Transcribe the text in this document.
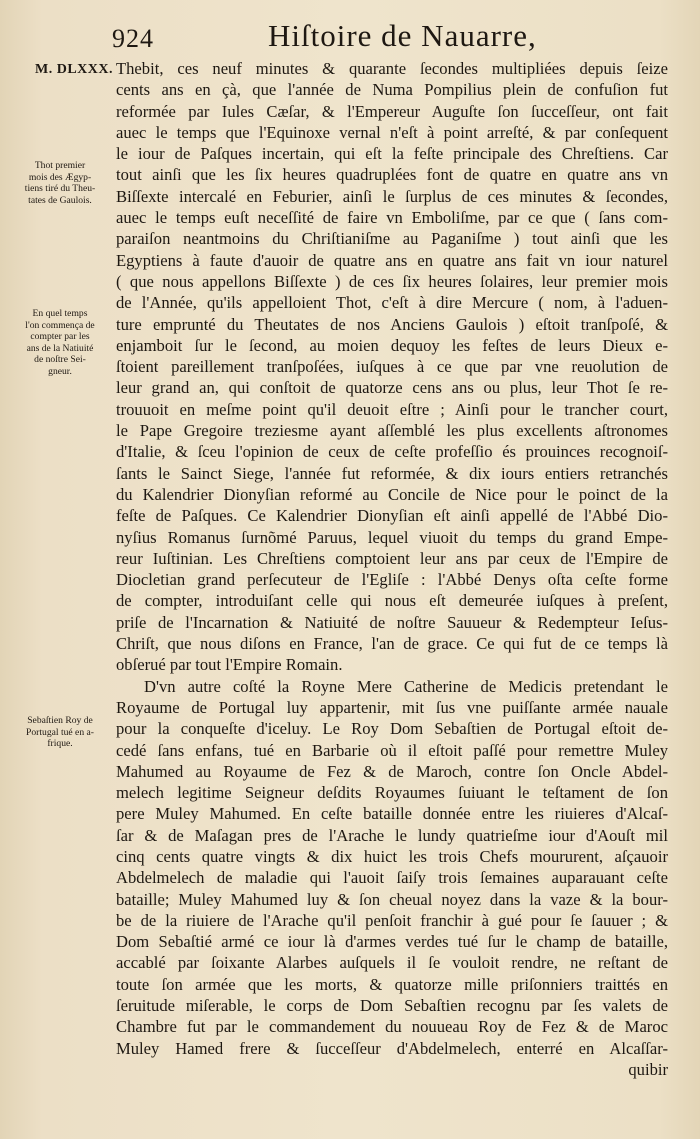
924	Hiſtoire de Nauarre,
M. DLXXX.
Thot premier
mois des Ægyp-
tiens tiré du Theu-
tates de Gaulois.
En quel temps
l'on commença de
compter par les
ans de la Natiuité
de noſtre Sei-
gneur.
Sebaſtien Roy de
Portugal tué en a-
frique.
Thebit, ces neuf minutes & quarante ſecondes multipliées depuis ſeize
cents ans en çà, que l'année de Numa Pompilius plein de confuſion fut
reformée par Iules Cæſar, & l'Empereur Auguſte ſon ſucceſſeur, ont fait
auec le temps que l'Equinoxe vernal n'eſt à point arreſté, & par conſequent
le iour de Paſques incertain, qui eſt la feſte principale des Chreſtiens. Car
tout ainſi que les ſix heures quadruplées font de quatre en quatre ans vn
Biſſexte intercalé en Feburier, ainſi le ſurplus de ces minutes & ſecondes,
auec le temps euſt neceſſité de faire vn Emboliſme, par ce que ( ſans com-
paraiſon neantmoins du Chriſtianiſme au Paganiſme ) tout ainſi que les
Egyptiens à faute d'auoir de quatre ans en quatre ans fait vn iour naturel
( que nous appellons Biſſexte ) de ces ſix heures ſolaires, leur premier mois
de l'Année, qu'ils appelloient Thot, c'eſt à dire Mercure ( nom, à l'aduen-
ture emprunté du Theutates de nos Anciens Gaulois ) eſtoit tranſpoſé, &
enjamboit ſur le ſecond, au moien dequoy les feſtes de leurs Dieux e-
ſtoient pareillement tranſpoſées, iuſques à ce que par vne reuolution de
leur grand an, qui conſtoit de quatorze cens ans ou plus, leur Thot ſe re-
trouuoit en meſme point qu'il deuoit eſtre ; Ainſi pour le trancher court,
le Pape Gregoire treziesme ayant aſſemblé les plus excellents aſtronomes
d'Italie, & ſceu l'opinion de ceux de ceſte profeſſio és prouinces recognoiſ-
ſants le Sainct Siege, l'année fut reformée, & dix iours entiers retranchés
du Kalendrier Dionyſian reformé au Concile de Nice pour le poinct de la
feſte de Paſques. Ce Kalendrier Dionyſian eſt ainſi appellé de l'Abbé Dio-
nyſius Romanus ſurnõmé Paruus, lequel viuoit du temps du grand Empe-
reur Iuſtinian. Les Chreſtiens comptoient leur ans par ceux de l'Empire de
Diocletian grand perſecuteur de l'Egliſe : l'Abbé Denys oſta ceſte forme
de compter, introduiſant celle qui nous eſt demeurée iuſques à preſent,
priſe de l'Incarnation & Natiuité de noſtre Sauueur & Redempteur Ieſus-
Chriſt, que nous diſons en France, l'an de grace. Ce qui fut de ce temps là
obſerué par tout l'Empire Romain.
D'vn autre coſté la Royne Mere Catherine de Medicis pretendant le
Royaume de Portugal luy appartenir, mit ſus vne puiſſante armée nauale
pour la conqueſte d'iceluy. Le Roy Dom Sebaſtien de Portugal eſtoit de-
cedé ſans enfans, tué en Barbarie où il eſtoit paſſé pour remettre Muley
Mahumed au Royaume de Fez & de Maroch, contre ſon Oncle Abdel-
melech legitime Seigneur deſdits Royaumes ſuiuant le teſtament de ſon
pere Muley Mahumed. En ceſte bataille donnée entre les riuieres d'Alcaſ-
ſar & de Maſagan pres de l'Arache le lundy quatrieſme iour d'Aouſt mil
cinq cents quatre vingts & dix huict les trois Chefs moururent, aſçauoir
Abdelmelech de maladie qui l'auoit ſaiſy trois ſemaines auparauant ceſte
bataille; Muley Mahumed luy & ſon cheual noyez dans la vaze & la bour-
be de la riuiere de l'Arache qu'il penſoit franchir à gué pour ſe ſauuer ; &
Dom Sebaſtié armé ce iour là d'armes verdes tué ſur le champ de bataille,
accablé par ſoixante Alarbes auſquels il ſe vouloit rendre, ne reſtant de
toute ſon armée que les morts, & quatorze mille priſonniers traittés en
ſeruitude miſerable, le corps de Dom Sebaſtien recognu par ſes valets de
Chambre fut par le commandement du nouueau Roy de Fez & de Maroc
Muley Hamed frere & ſucceſſeur d'Abdelmelech, enterré en Alcaſſar-
quibir
